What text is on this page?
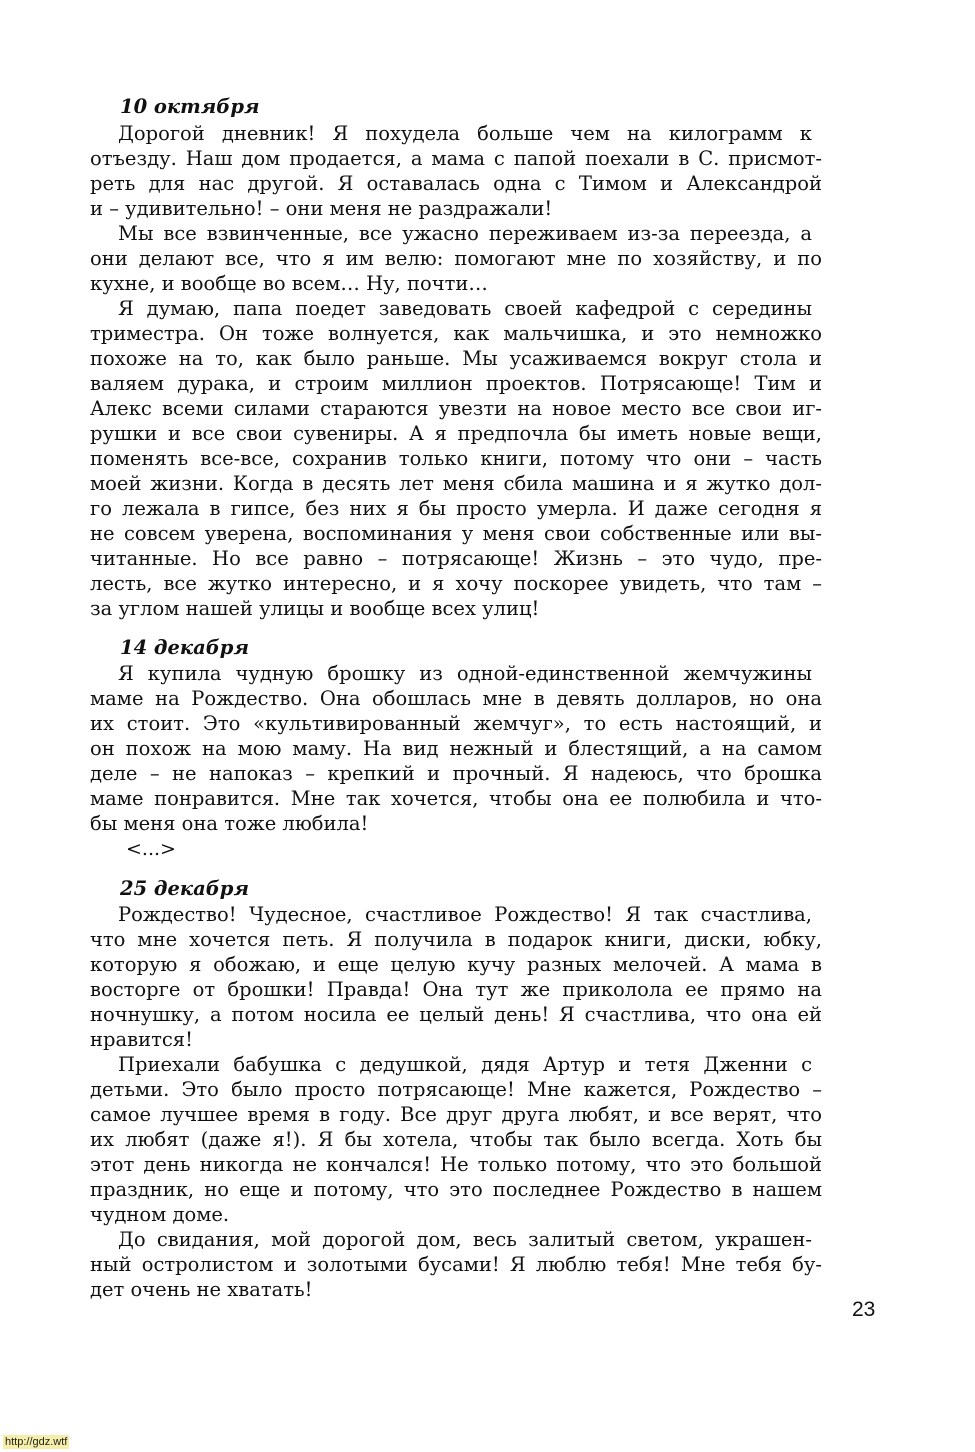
10 октября
Дорогой дневник! Я похудела больше чем на килограмм к
отъезду. Наш дом продается, а мама с папой поехали в С. присмот-
реть для нас другой. Я оставалась одна с Тимом и Александрой
и – удивительно! – они меня не раздражали!
Мы все взвинченные, все ужасно переживаем из-за переезда, а
они делают все, что я им велю: помогают мне по хозяйству, и по
кухне, и вообще во всем… Ну, почти…
Я думаю, папа поедет заведовать своей кафедрой с середины
триместра. Он тоже волнуется, как мальчишка, и это немножко
похоже на то, как было раньше. Мы усаживаемся вокруг стола и
валяем дурака, и строим миллион проектов. Потрясающе! Тим и
Алекс всеми силами стараются увезти на новое место все свои иг-
рушки и все свои сувениры. А я предпочла бы иметь новые вещи,
поменять все-все, сохранив только книги, потому что они – часть
моей жизни. Когда в десять лет меня сбила машина и я жутко дол-
го лежала в гипсе, без них я бы просто умерла. И даже сегодня я
не совсем уверена, воспоминания у меня свои собственные или вы-
читанные. Но все равно – потрясающе! Жизнь – это чудо, пре-
лесть, все жутко интересно, и я хочу поскорее увидеть, что там –
за углом нашей улицы и вообще всех улиц!
14 декабря
Я купила чудную брошку из одной-единственной жемчужины
маме на Рождество. Она обошлась мне в девять долларов, но она
их стоит. Это «культивированный жемчуг», то есть настоящий, и
он похож на мою маму. На вид нежный и блестящий, а на самом
деле – не напоказ – крепкий и прочный. Я надеюсь, что брошка
маме понравится. Мне так хочется, чтобы она ее полюбила и что-
бы меня она тоже любила!
<...>
25 декабря
Рождество! Чудесное, счастливое Рождество! Я так счастлива,
что мне хочется петь. Я получила в подарок книги, диски, юбку,
которую я обожаю, и еще целую кучу разных мелочей. А мама в
восторге от брошки! Правда! Она тут же приколола ее прямо на
ночнушку, а потом носила ее целый день! Я счастлива, что она ей
нравится!
Приехали бабушка с дедушкой, дядя Артур и тетя Дженни с
детьми. Это было просто потрясающе! Мне кажется, Рождество –
самое лучшее время в году. Все друг друга любят, и все верят, что
их любят (даже я!). Я бы хотела, чтобы так было всегда. Хоть бы
этот день никогда не кончался! Не только потому, что это большой
праздник, но еще и потому, что это последнее Рождество в нашем
чудном доме.
До свидания, мой дорогой дом, весь залитый светом, украшен-
ный остролистом и золотыми бусами! Я люблю тебя! Мне тебя бу-
дет очень не хватать!
23
http://gdz.wtf
